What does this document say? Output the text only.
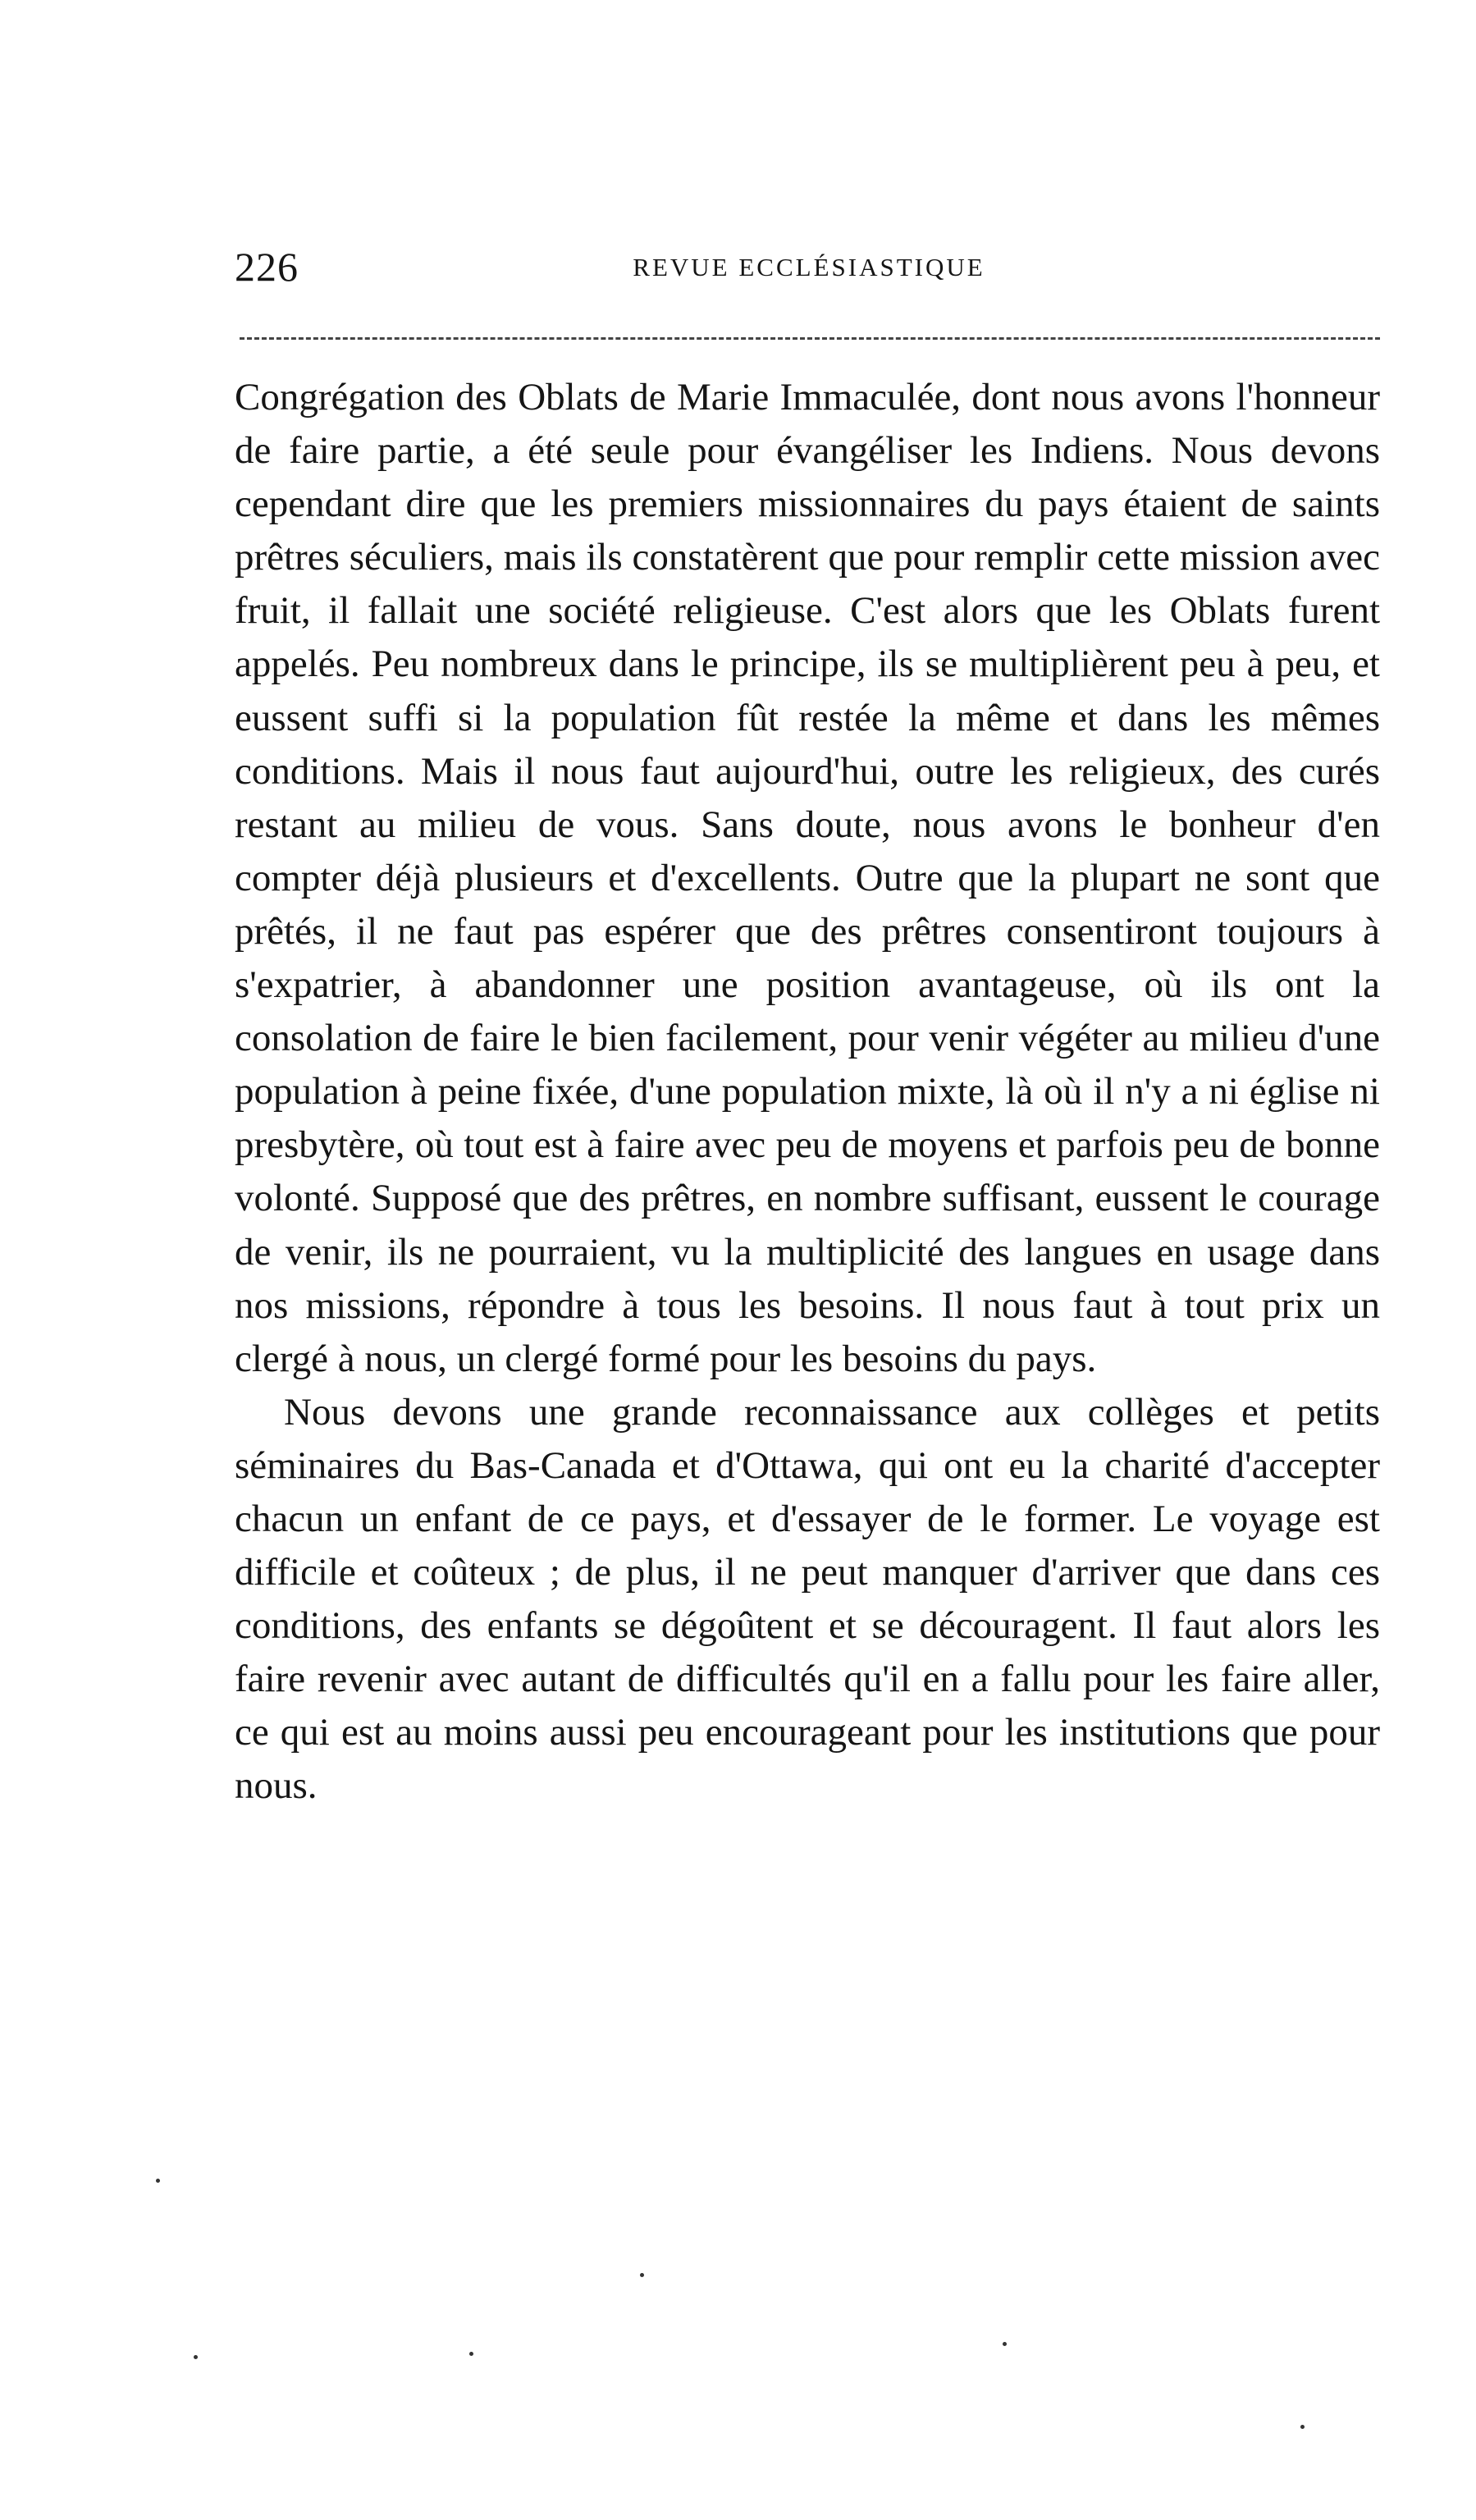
226	REVUE ECCLÉSIASTIQUE

Congrégation des Oblats de Marie Immaculée, dont nous avons l'honneur de faire partie, a été seule pour évangéliser les Indiens. Nous devons cependant dire que les premiers missionnaires du pays étaient de saints prêtres séculiers, mais ils constatèrent que pour remplir cette mission avec fruit, il fallait une société religieuse. C'est alors que les Oblats furent appelés. Peu nombreux dans le principe, ils se multiplièrent peu à peu, et eussent suffi si la population fût restée la même et dans les mêmes conditions. Mais il nous faut aujourd'hui, outre les religieux, des curés restant au milieu de vous. Sans doute, nous avons le bonheur d'en compter déjà plusieurs et d'excellents. Outre que la plupart ne sont que prêtés, il ne faut pas espérer que des prêtres consentiront toujours à s'expatrier, à abandonner une position avantageuse, où ils ont la consolation de faire le bien facilement, pour venir végéter au milieu d'une population à peine fixée, d'une population mixte, là où il n'y a ni église ni presbytère, où tout est à faire avec peu de moyens et parfois peu de bonne volonté. Supposé que des prêtres, en nombre suffisant, eussent le courage de venir, ils ne pourraient, vu la multiplicité des langues en usage dans nos missions, répondre à tous les besoins. Il nous faut à tout prix un clergé à nous, un clergé formé pour les besoins du pays.

Nous devons une grande reconnaissance aux collèges et petits séminaires du Bas-Canada et d'Ottawa, qui ont eu la charité d'accepter chacun un enfant de ce pays, et d'essayer de le former. Le voyage est difficile et coûteux ; de plus, il ne peut manquer d'arriver que dans ces conditions, des enfants se dégoûtent et se découragent. Il faut alors les faire revenir avec autant de difficultés qu'il en a fallu pour les faire aller, ce qui est au moins aussi peu encourageant pour les institutions que pour nous.
